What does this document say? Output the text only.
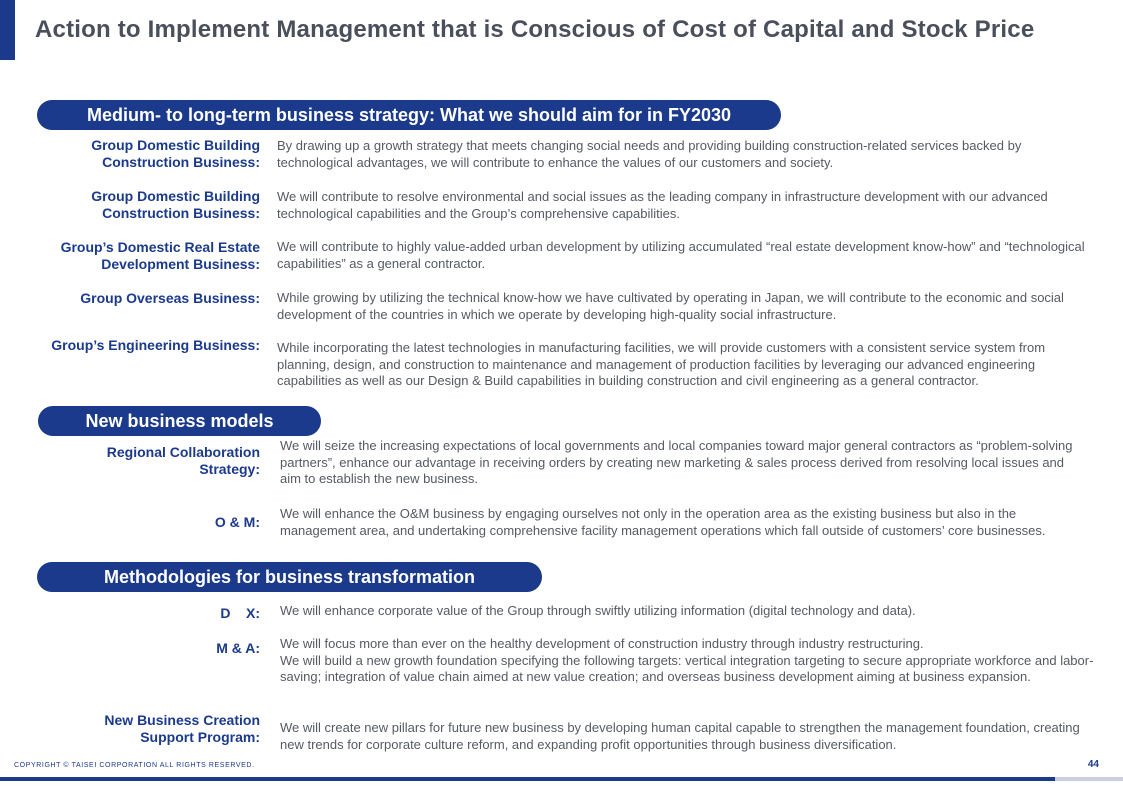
Action to Implement Management that is Conscious of Cost of Capital and Stock Price
Medium- to long-term business strategy: What we should aim for in FY2030
Group Domestic Building
Construction Business:
By drawing up a growth strategy that meets changing social needs and providing building construction-related services backed by technological advantages, we will contribute to enhance the values of our customers and society.
Group Domestic Building
Construction Business:
We will contribute to resolve environmental and social issues as the leading company in infrastructure development with our advanced technological capabilities and the Group’s comprehensive capabilities.
Group’s Domestic Real Estate
Development Business:
We will contribute to highly value-added urban development by utilizing accumulated “real estate development know-how” and “technological capabilities” as a general contractor.
Group Overseas Business: While growing by utilizing the technical know-how we have cultivated by operating in Japan, we will contribute to the economic and social development of the countries in which we operate by developing high-quality social infrastructure.
Group’s Engineering Business: While incorporating the latest technologies in manufacturing facilities, we will provide customers with a consistent service system from planning, design, and construction to maintenance and management of production facilities by leveraging our advanced engineering capabilities as well as our Design & Build capabilities in building construction and civil engineering as a general contractor.
New business models
Regional Collaboration
Strategy:
We will seize the increasing expectations of local governments and local companies toward major general contractors as “problem-solving partners”, enhance our advantage in receiving orders by creating new marketing & sales process derived from resolving local issues and aim to establish the new business.
O & M:
We will enhance the O&M business by engaging ourselves not only in the operation area as the existing business but also in the management area, and undertaking comprehensive facility management operations which fall outside of customers’ core businesses.
Methodologies for business transformation
D    X: We will enhance corporate value of the Group through swiftly utilizing information (digital technology and data).
M & A: We will focus more than ever on the healthy development of construction industry through industry restructuring.
We will build a new growth foundation specifying the following targets: vertical integration targeting to secure appropriate workforce and labor-saving; integration of value chain aimed at new value creation; and overseas business development aiming at business expansion.
New Business Creation
Support Program:
We will create new pillars for future new business by developing human capital capable to strengthen the management foundation, creating new trends for corporate culture reform, and expanding profit opportunities through business diversification.
COPYRIGHT © TAISEI CORPORATION ALL RIGHTS RESERVED.	44
